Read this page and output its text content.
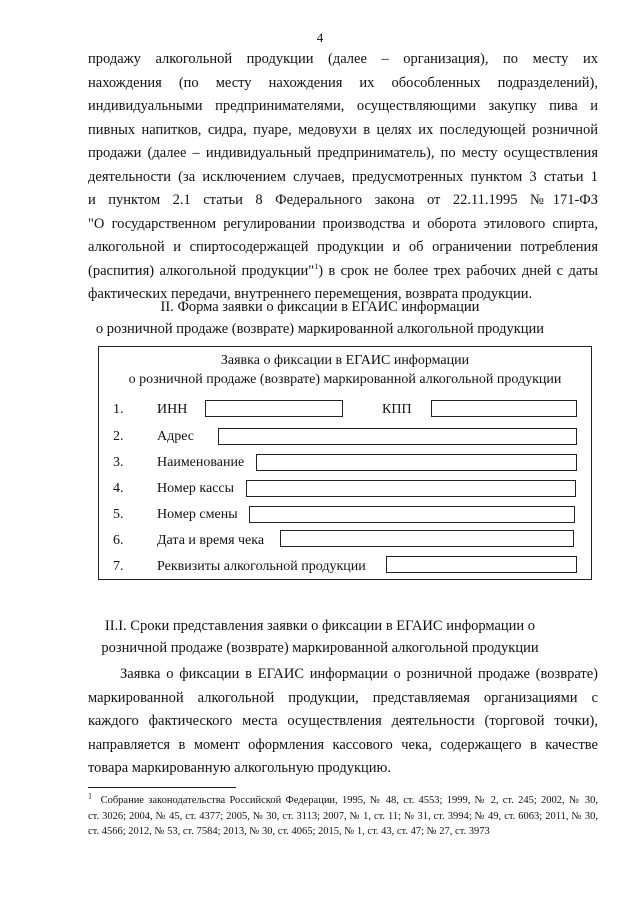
4
продажу алкогольной продукции (далее – организация), по месту их
нахождения (по месту нахождения их обособленных подразделений),
индивидуальными предпринимателями, осуществляющими закупку пива и
пивных напитков, сидра, пуаре, медовухи в целях их последующей розничной
продажи (далее – индивидуальный предприниматель), по месту осуществления
деятельности (за исключением случаев, предусмотренных пунктом 3 статьи 1
и пунктом 2.1 статьи 8 Федерального закона от 22.11.1995 №171-ФЗ
"О государственном регулировании производства и оборота этилового спирта,
алкогольной и спиртосодержащей продукции и об ограничении потребления
(распития) алкогольной продукции"$^1$) в срок не более трех рабочих дней с даты
фактических передачи, внутреннего перемещения, возврата продукции.
II. Форма заявки о фиксации в ЕГАИС информации
о розничной продаже (возврате) маркированной алкогольной продукции
Заявка о фиксации в ЕГАИС информации
о розничной продаже (возврате) маркированной алкогольной продукции
1. ИНН	КПП
2. Адрес
3. Наименование
4. Номер кассы
5. Номер смены
6. Дата и время чека
7. Реквизиты алкогольной продукции
II.I. Сроки представления заявки о фиксации в ЕГАИС информации о
розничной продаже (возврате) маркированной алкогольной продукции
Заявка о фиксации в ЕГАИС информации о розничной продаже (возврате)
маркированной алкогольной продукции, представляемая организациями с
каждого фактического места осуществления деятельности (торговой точки),
направляется в момент оформления кассового чека, содержащего в качестве
товара маркированную алкогольную продукцию.
$^1$ Собрание законодательства Российской Федерации, 1995, № 48, ст. 4553; 1999, № 2, ст. 245; 2002, № 30,
ст. 3026; 2004, № 45, ст. 4377; 2005, № 30, ст. 3113; 2007, № 1, ст. 11; № 31, ст. 3994; № 49, ст. 6063; 2011, № 30,
ст. 4566; 2012, № 53, ст. 7584; 2013, № 30, ст. 4065; 2015, № 1, ст. 43, ст. 47; № 27, ст. 3973
